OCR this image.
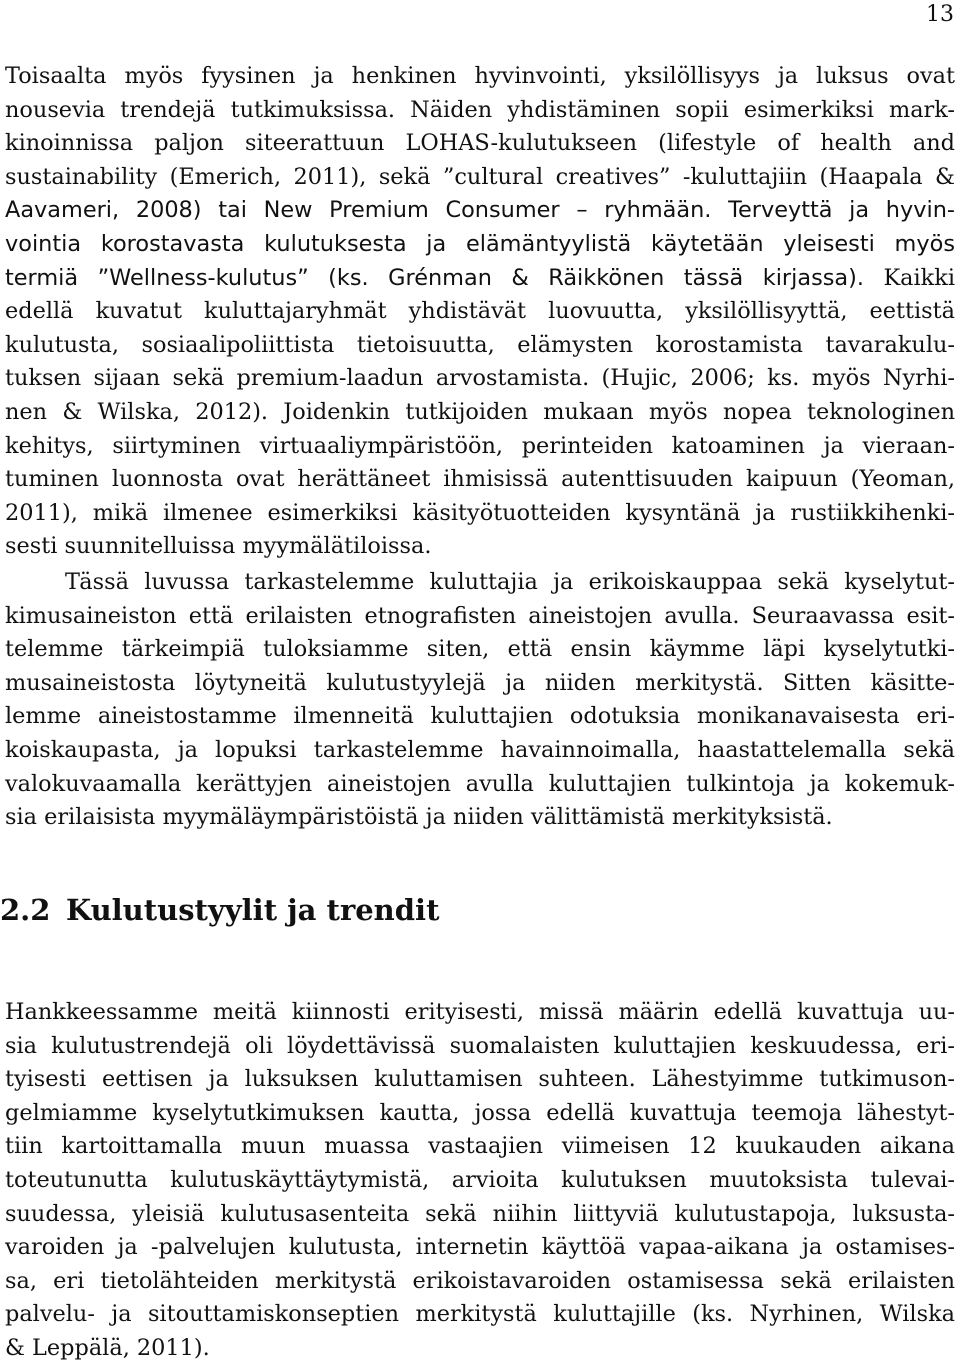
13
Toisaalta myös fyysinen ja henkinen hyvinvointi, yksilöllisyys ja luksus ovat
nousevia trendejä tutkimuksissa. Näiden yhdistäminen sopii esimerkiksi mark-
kinoinnissa paljon siteerattuun LOHAS-kulutukseen (lifestyle of health and
sustainability (Emerich, 2011), sekä ”cultural creatives” -kuluttajiin (Haapala &
Aavameri, 2008) tai New Premium Consumer – ryhmään. Terveyttä ja hyvin-
vointia korostavasta kulutuksesta ja elämäntyylistä käytetään yleisesti myös
termiä ”Wellness-kulutus” (ks. Grénman & Räikkönen tässä kirjassa). Kaikki
edellä kuvatut kuluttajaryhmät yhdistävät luovuutta, yksilöllisyyttä, eettistä
kulutusta, sosiaalipoliittista tietoisuutta, elämysten korostamista tavarakulu-
tuksen sijaan sekä premium-laadun arvostamista. (Hujic, 2006; ks. myös Nyrhi-
nen & Wilska, 2012). Joidenkin tutkijoiden mukaan myös nopea teknologinen
kehitys, siirtyminen virtuaaliympäristöön, perinteiden katoaminen ja vieraan-
tuminen luonnosta ovat herättäneet ihmisissä autenttisuuden kaipuun (Yeoman,
2011), mikä ilmenee esimerkiksi käsityötuotteiden kysyntänä ja rustiikkihenki-
sesti suunnitelluissa myymälätiloissa.
Tässä luvussa tarkastelemme kuluttajia ja erikoiskauppaa sekä kyselytut-
kimusaineiston että erilaisten etnografisten aineistojen avulla. Seuraavassa esit-
telemme tärkeimpiä tuloksiamme siten, että ensin käymme läpi kyselytutki-
musaineistosta löytyneitä kulutustyylejä ja niiden merkitystä. Sitten käsitte-
lemme aineistostamme ilmenneitä kuluttajien odotuksia monikanavaisesta eri-
koiskaupasta, ja lopuksi tarkastelemme havainnoimalla, haastattelemalla sekä
valokuvaamalla kerättyjen aineistojen avulla kuluttajien tulkintoja ja kokemuk-
sia erilaisista myymäläympäristöistä ja niiden välittämistä merkityksistä.
2.2 Kulutustyylit ja trendit
Hankkeessamme meitä kiinnosti erityisesti, missä määrin edellä kuvattuja uu-
sia kulutustrendejä oli löydettävissä suomalaisten kuluttajien keskuudessa, eri-
tyisesti eettisen ja luksuksen kuluttamisen suhteen. Lähestyimme tutkimuson-
gelmiamme kyselytutkimuksen kautta, jossa edellä kuvattuja teemoja lähestyt-
tiin kartoittamalla muun muassa vastaajien viimeisen 12 kuukauden aikana
toteutunutta kulutuskäyttäytymistä, arvioita kulutuksen muutoksista tulevai-
suudessa, yleisiä kulutusasenteita sekä niihin liittyviä kulutustapoja, luksusta-
varoiden ja -palvelujen kulutusta, internetin käyttöä vapaa-aikana ja ostamises-
sa, eri tietolähteiden merkitystä erikoistavaroiden ostamisessa sekä erilaisten
palvelu- ja sitouttamiskonseptien merkitystä kuluttajille (ks. Nyrhinen, Wilska
& Leppälä, 2011).
